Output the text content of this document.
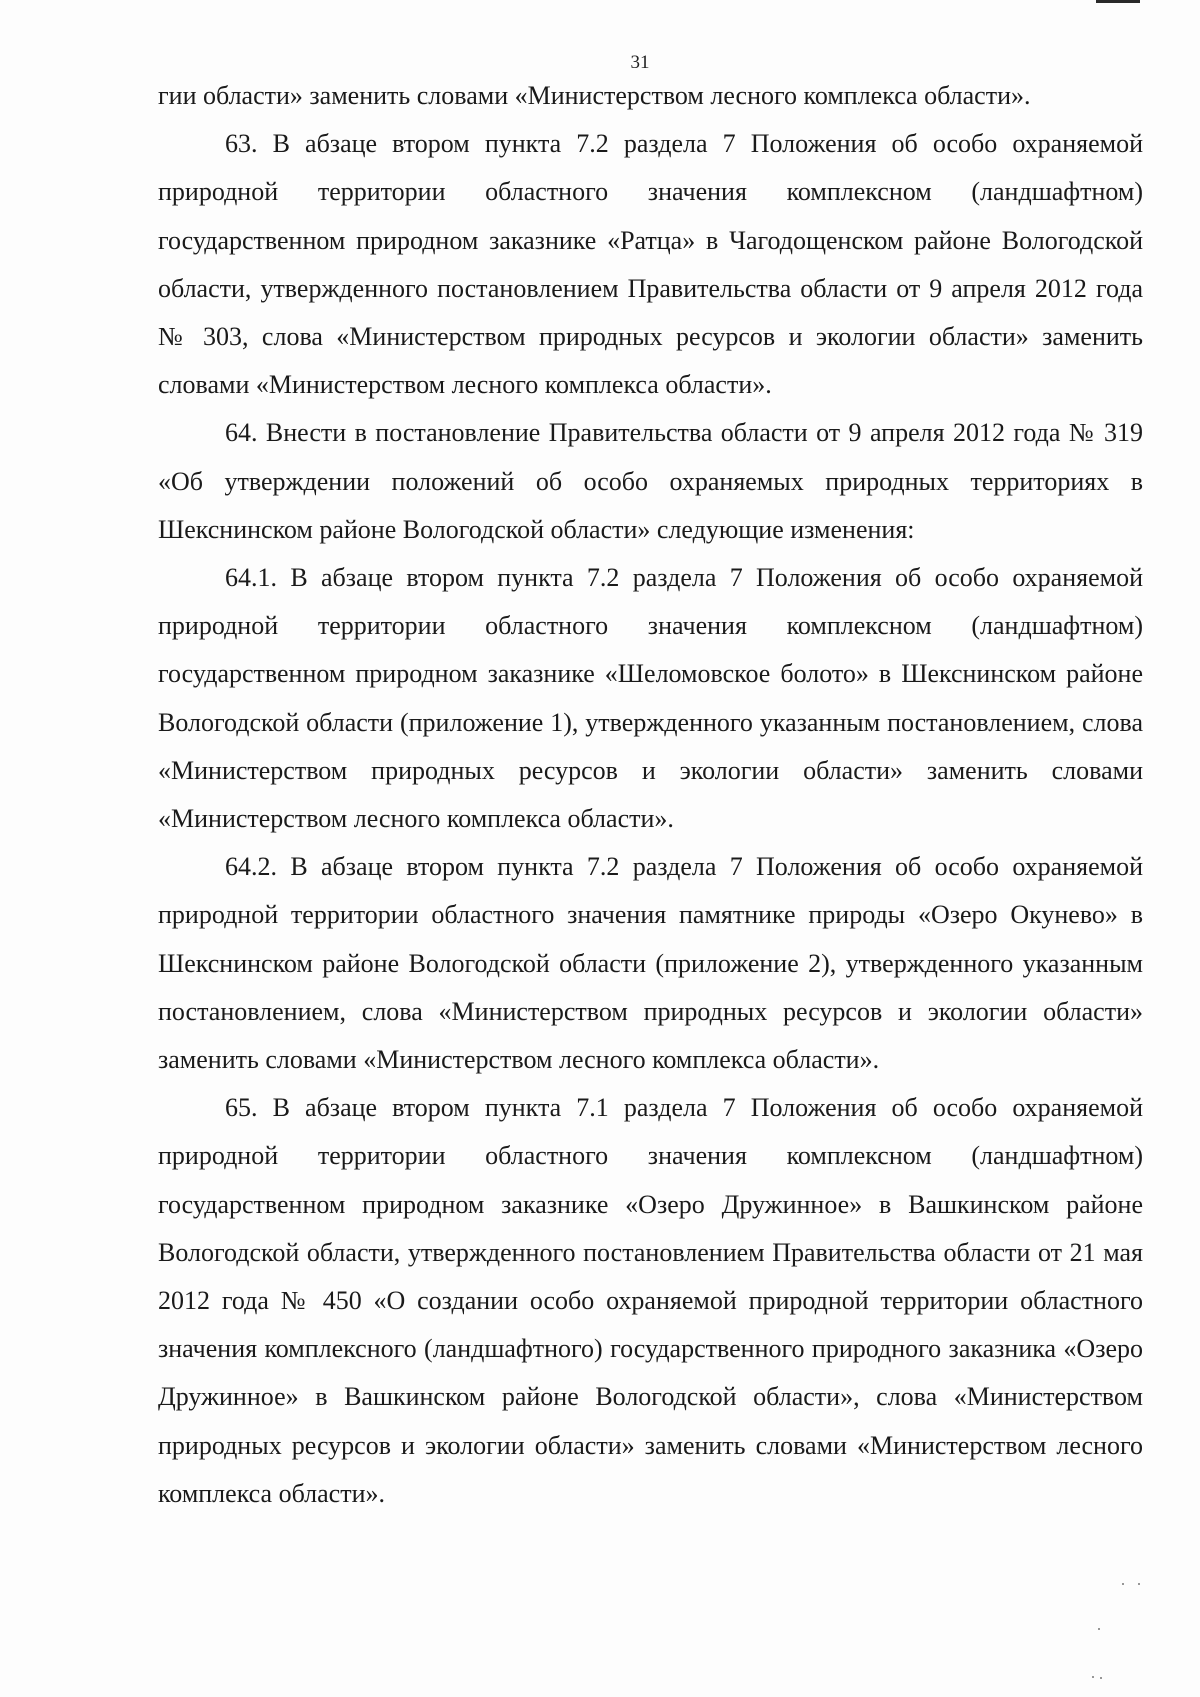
31

гии области» заменить словами «Министерством лесного комплекса области».

63. В абзаце втором пункта 7.2 раздела 7 Положения об особо охраняемой природной территории областного значения комплексном (ландшафтном) государственном природном заказнике «Ратца» в Чагодощенском районе Вологодской области, утвержденного постановлением Правительства области от 9 апреля 2012 года № 303, слова «Министерством природных ресурсов и экологии области» заменить словами «Министерством лесного комплекса области».

64. Внести в постановление Правительства области от 9 апреля 2012 года № 319 «Об утверждении положений об особо охраняемых природных территориях в Шекснинском районе Вологодской области» следующие изменения:

64.1. В абзаце втором пункта 7.2 раздела 7 Положения об особо охраняемой природной территории областного значения комплексном (ландшафтном) государственном природном заказнике «Шеломовское болото» в Шекснинском районе Вологодской области (приложение 1), утвержденного указанным постановлением, слова «Министерством природных ресурсов и экологии области» заменить словами «Министерством лесного комплекса области».

64.2. В абзаце втором пункта 7.2 раздела 7 Положения об особо охраняемой природной территории областного значения памятнике природы «Озеро Окунево» в Шекснинском районе Вологодской области (приложение 2), утвержденного указанным постановлением, слова «Министерством природных ресурсов и экологии области» заменить словами «Министерством лесного комплекса области».

65. В абзаце втором пункта 7.1 раздела 7 Положения об особо охраняемой природной территории областного значения комплексном (ландшафтном) государственном природном заказнике «Озеро Дружинное» в Вашкинском районе Вологодской области, утвержденного постановлением Правительства области от 21 мая 2012 года № 450 «О создании особо охраняемой природной территории областного значения комплексного (ландшафтного) государственного природного заказника «Озеро Дружинное» в Вашкинском районе Вологодской области», слова «Министерством природных ресурсов и экологии области» заменить словами «Министерством лесного комплекса области».
